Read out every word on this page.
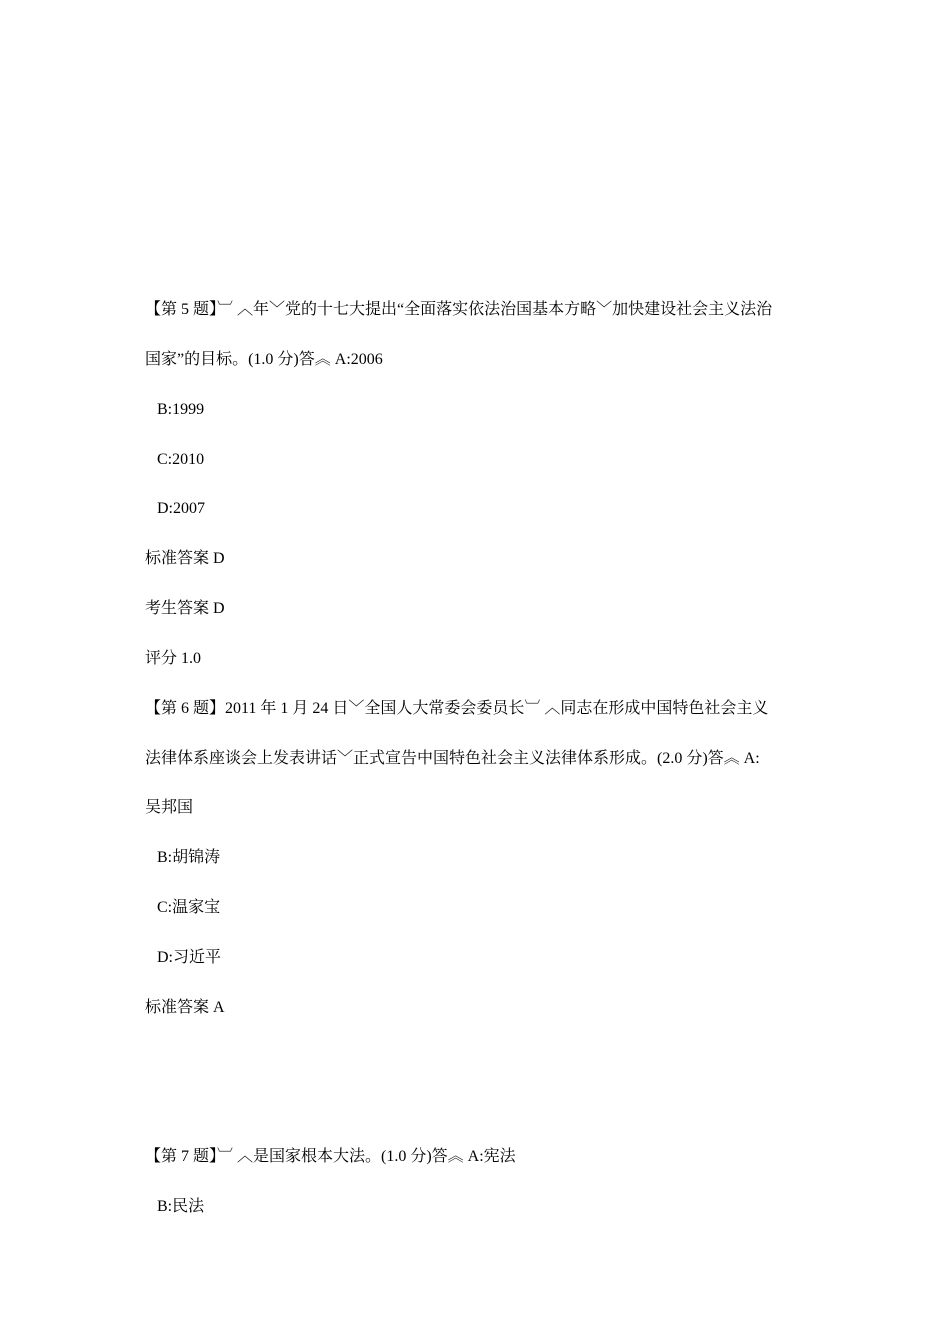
【第 5 题】︺ ︿年﹀党的十七大提出“全面落实依法治国基本方略﹀加快建设社会主义法治
国家”的目标。(1.0 分)答︽ A:2006
B:1999
C:2010
D:2007
标准答案 D
考生答案 D
评分 1.0
【第 6 题】2011 年 1 月 24 日﹀全国人大常委会委员长︺ ︿同志在形成中国特色社会主义
法律体系座谈会上发表讲话﹀正式宣告中国特色社会主义法律体系形成。(2.0 分)答︽ A:
吴邦国
B:胡锦涛
C:温家宝
D:习近平
标准答案 A
【第 7 题】︺ ︿是国家根本大法。(1.0 分)答︽ A:宪法
B:民法
